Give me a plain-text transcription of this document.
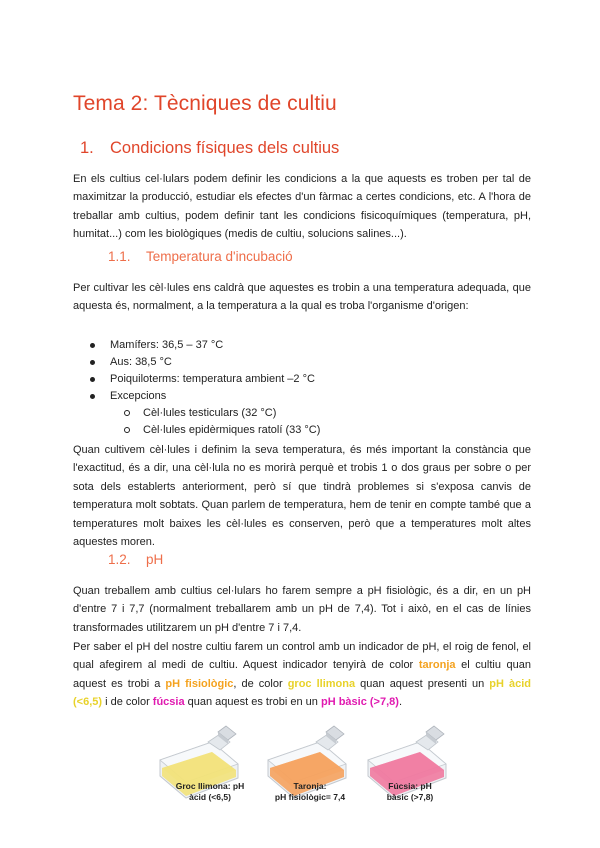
Tema 2: Tècniques de cultiu
1. Condicions físiques dels cultius

En els cultius cel·lulars podem definir les condicions a la que aquests es troben per tal de maximitzar la producció, estudiar els efectes d'un fàrmac a certes condicions, etc. A l'hora de treballar amb cultius, podem definir tant les condicions fisicoquímiques (temperatura, pH, humitat...) com les biològiques (medis de cultiu, solucions salines...).

1.1. Temperatura d'incubació

Per cultivar les cèl·lules ens caldrà que aquestes es trobin a una temperatura adequada, que aquesta és, normalment, a la temperatura a la qual es troba l'organisme d'origen:

Mamífers: 36,5 – 37 °C
Aus: 38,5 °C
Poiquiloterms: temperatura ambient –2 °C
Excepcions
Cèl·lules testiculars (32 °C)
Cèl·lules epidèrmiques ratolí (33 °C)

Quan cultivem cèl·lules i definim la seva temperatura, és més important la constància que l'exactitud, és a dir, una cèl·lula no es morirà perquè et trobis 1 o dos graus per sobre o per sota dels establerts anteriorment, però sí que tindrà problemes si s'exposa canvis de temperatura molt sobtats. Quan parlem de temperatura, hem de tenir en compte també que a temperatures molt baixes les cèl·lules es conserven, però que a temperatures molt altes aquestes moren.

1.2. pH

Quan treballem amb cultius cel·lulars ho farem sempre a pH fisiològic, és a dir, en un pH d'entre 7 i 7,7 (normalment treballarem amb un pH de 7,4). Tot i això, en el cas de línies transformades utilitzarem un pH d'entre 7 i 7,4.

Per saber el pH del nostre cultiu farem un control amb un indicador de pH, el roig de fenol, el qual afegirem al medi de cultiu. Aquest indicador tenyirà de color taronja el cultiu quan aquest es trobi a pH fisiològic, de color groc llimona quan aquest presenti un pH àcid (<6,5) i de color fúcsia quan aquest es trobi en un pH bàsic (>7,8).

Groc llimona: pH
àcid (<6,5)
Taronja:
pH fisiològic= 7,4
Fúcsia: pH
bàsic (>7,8)
